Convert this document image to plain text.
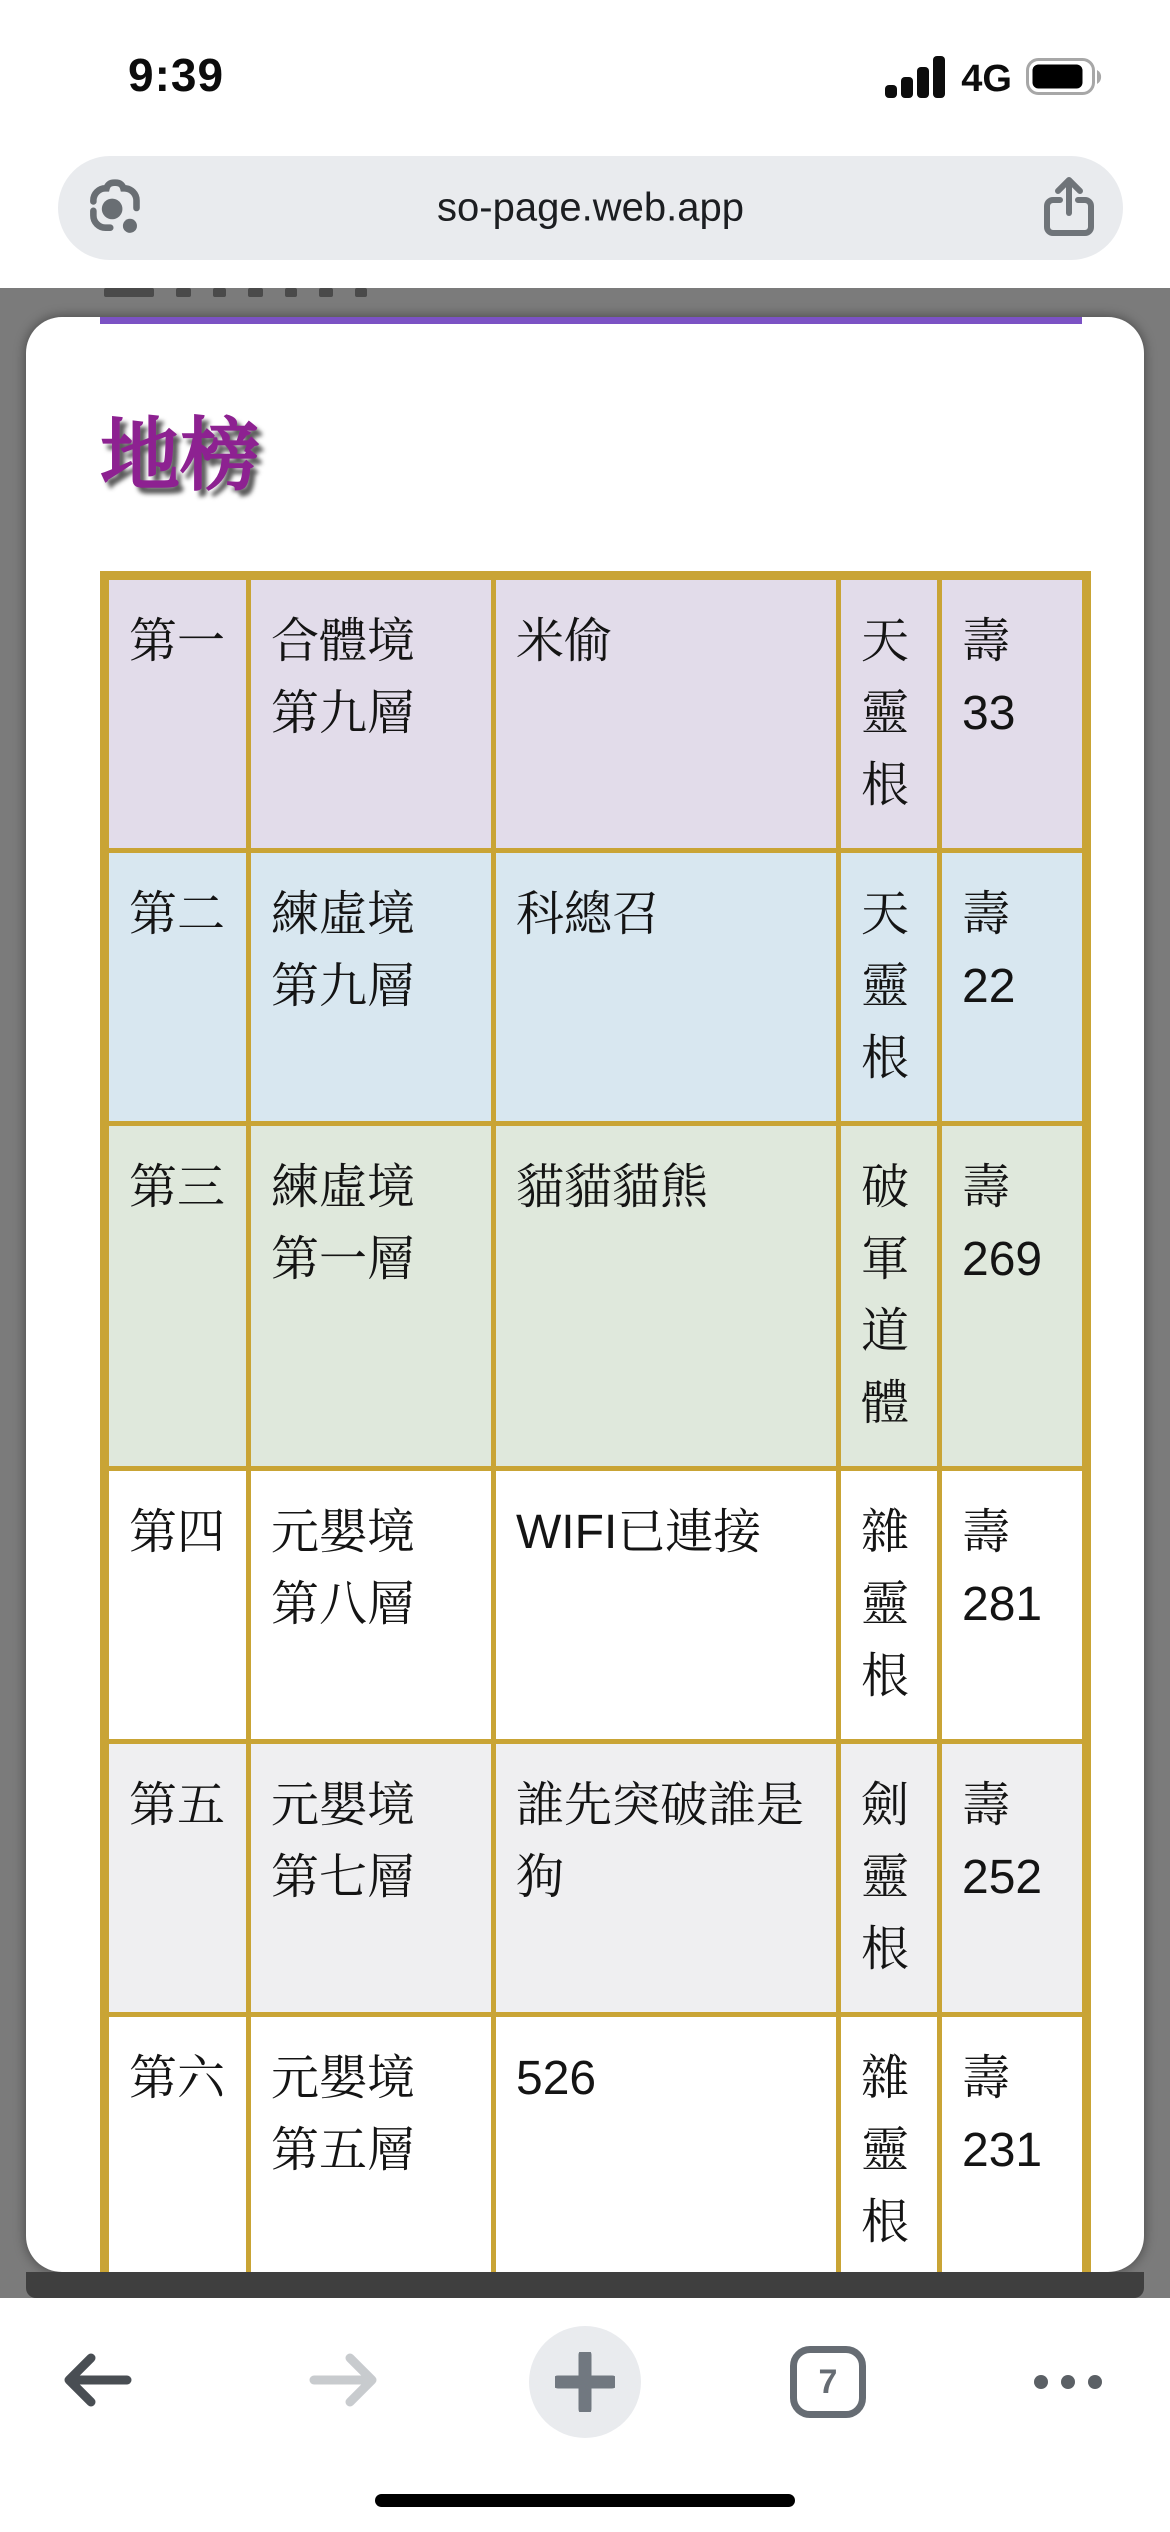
9:39	4G
so-page.web.app
地榜
第一	合體境 第九層	米偷	天靈根	壽 33
第二	練虛境 第九層	科總召	天靈根	壽 22
第三	練虛境 第一層	貓貓貓熊	破軍道體	壽 269
第四	元嬰境 第八層	WIFI已連接	雜靈根	壽 281
第五	元嬰境 第七層	誰先突破誰是狗	劍靈根	壽 252
第六	元嬰境 第五層	526	雜靈根	壽 231

7
